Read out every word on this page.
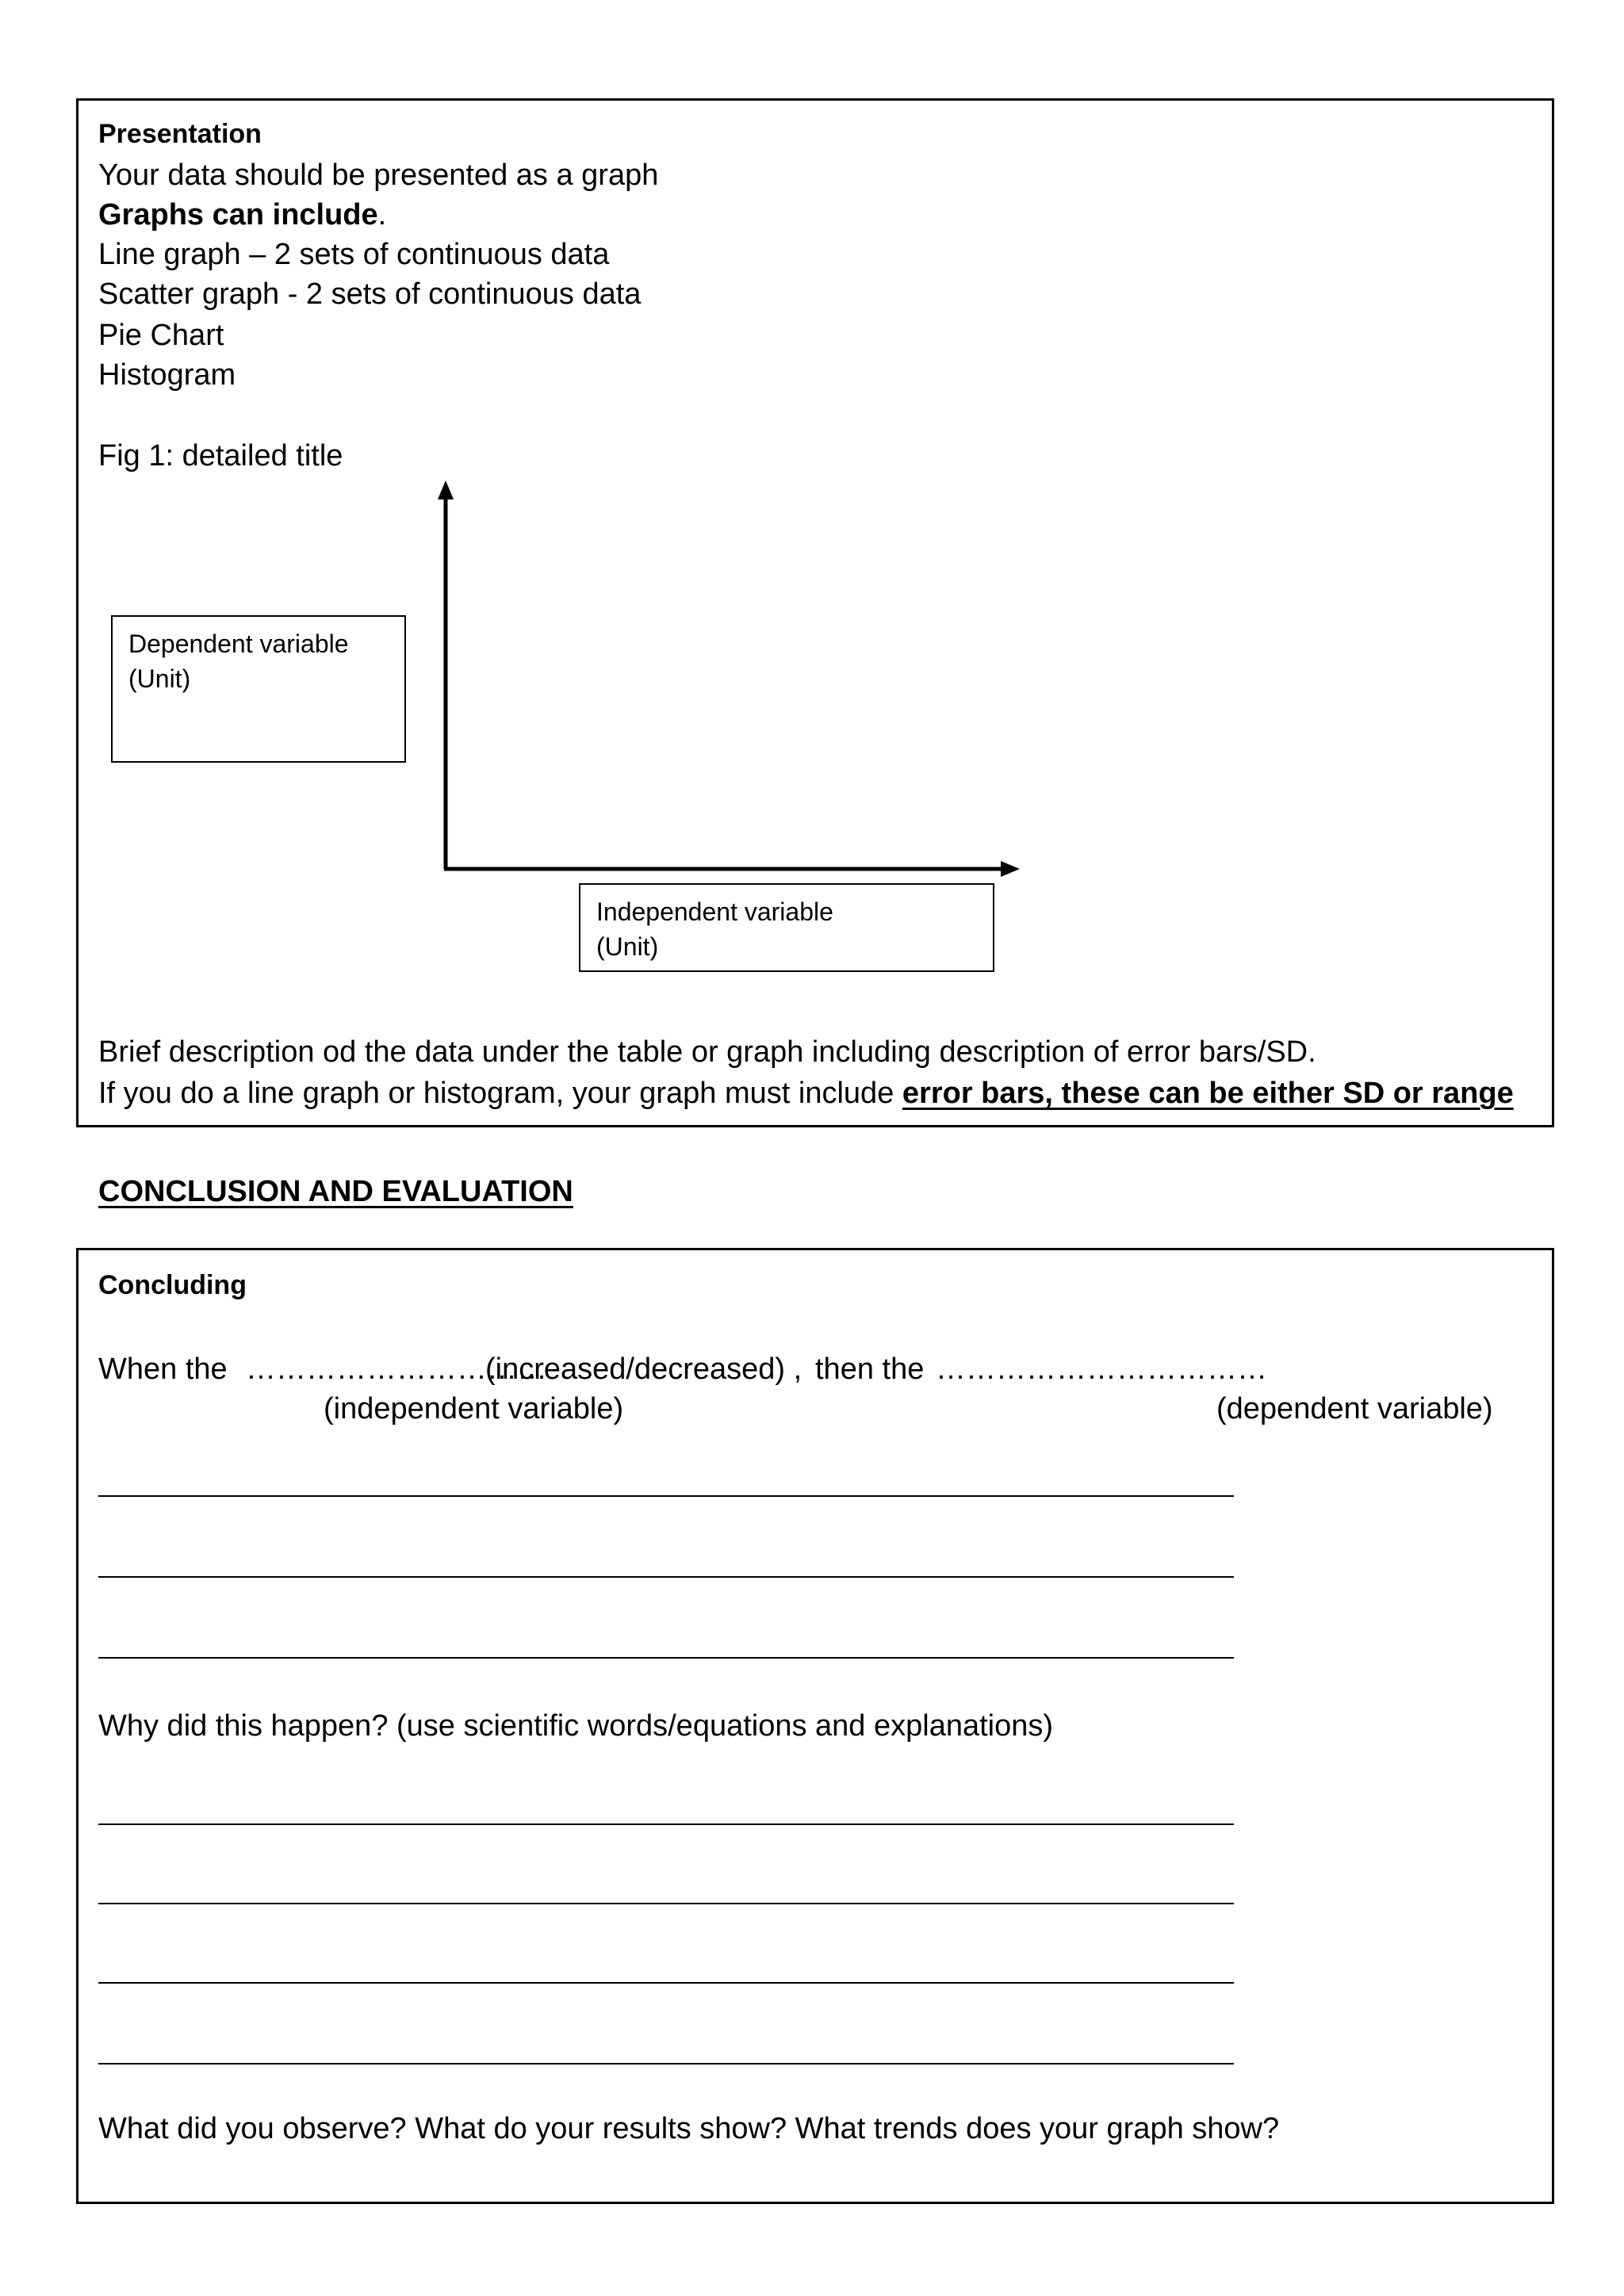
Presentation
Your data should be presented as a graph
Graphs can include.
Line graph – 2 sets of continuous data
Scatter graph - 2 sets of continuous data
Pie Chart
Histogram
Fig 1: detailed title
Dependent variable
(Unit)
Independent variable
(Unit)
Brief description od the data under the table or graph including description of error bars/SD.
If you do a line graph or histogram, your graph must include error bars, these can be either SD or range
CONCLUSION AND EVALUATION
Concluding
When the …………………………
(increased/decreased) , then the ……………………………
(independent variable)	(dependent variable)
Why did this happen? (use scientific words/equations and explanations)
What did you observe? What do your results show? What trends does your graph show?
